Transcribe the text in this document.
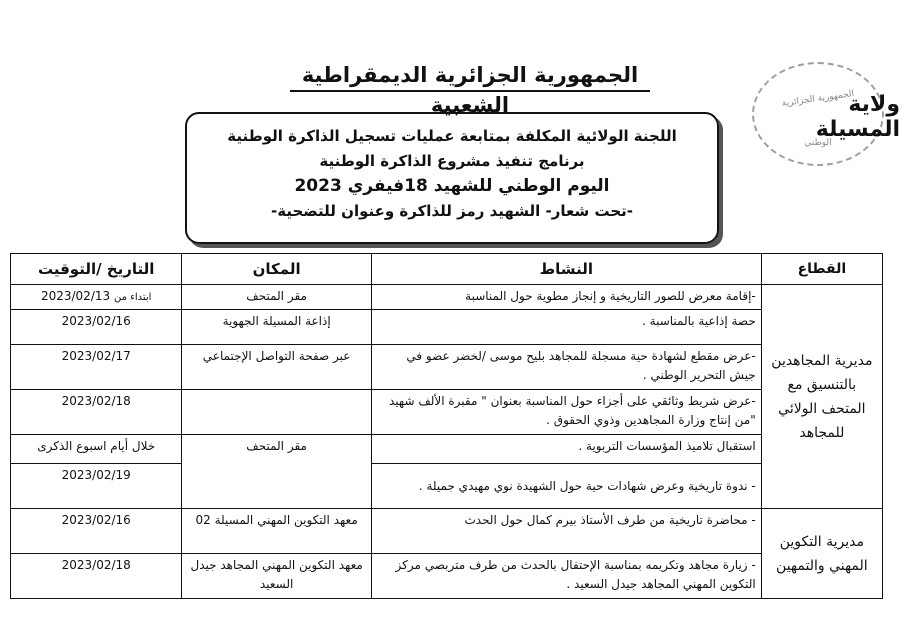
الجمهورية الجزائرية الديمقراطية الشعبية	الجمهورية الجزائرية
الوطني
ولاية المسيلة
اللجنة الولائية المكلفة بمتابعة عمليات تسجيل الذاكرة الوطنية
برنامج تنفيذ مشروع الذاكرة الوطنية
اليوم الوطني للشهيد 18فيفري 2023
-تحت شعار- الشهيد رمز للذاكرة وعنوان للتضحية-
القطاع	النشاط	المكان	التاريخ /التوقيت
مديرية المجاهدين بالتنسيق مع المتحف الولائي للمجاهد	-إقامة معرض للصور التاريخية و إنجاز مطوية حول المناسبة	مقر المتحف	2023/02/13 ابتداء من
	حصة إذاعية بالمناسبة .	إذاعة المسيلة الجهوية	2023/02/16
	-عرض مقطع لشهادة حية مسجلة للمجاهد بليح موسى /لخضر عضو في جيش التحرير الوطني .	عبر صفحة التواصل الإجتماعي	2023/02/17
	-عرض شريط وثائقي على أجزاء حول المناسبة بعنوان " مقبرة الألف شهيد "من إنتاج وزارة المجاهدين وذوي الحقوق .		2023/02/18
	استقبال تلاميذ المؤسسات التربوية .	مقر المتحف	خلال أيام اسبوع الذكرى
	- ندوة تاريخية وعرض شهادات حية حول الشهيدة نوي مهيدي جميلة .		2023/02/19
مديرية التكوين المهني والتمهين	- محاضرة تاريخية من طرف الأستاذ بيرم كمال حول الحدث	معهد التكوين المهني المسيلة 02	2023/02/16
	- زيارة مجاهد وتكريمه بمناسبة الإحتفال بالحدث من طرف متربصي مركز التكوين المهني المجاهد جيدل السعيد .	معهد التكوين المهني المجاهد جيدل السعيد	2023/02/18
